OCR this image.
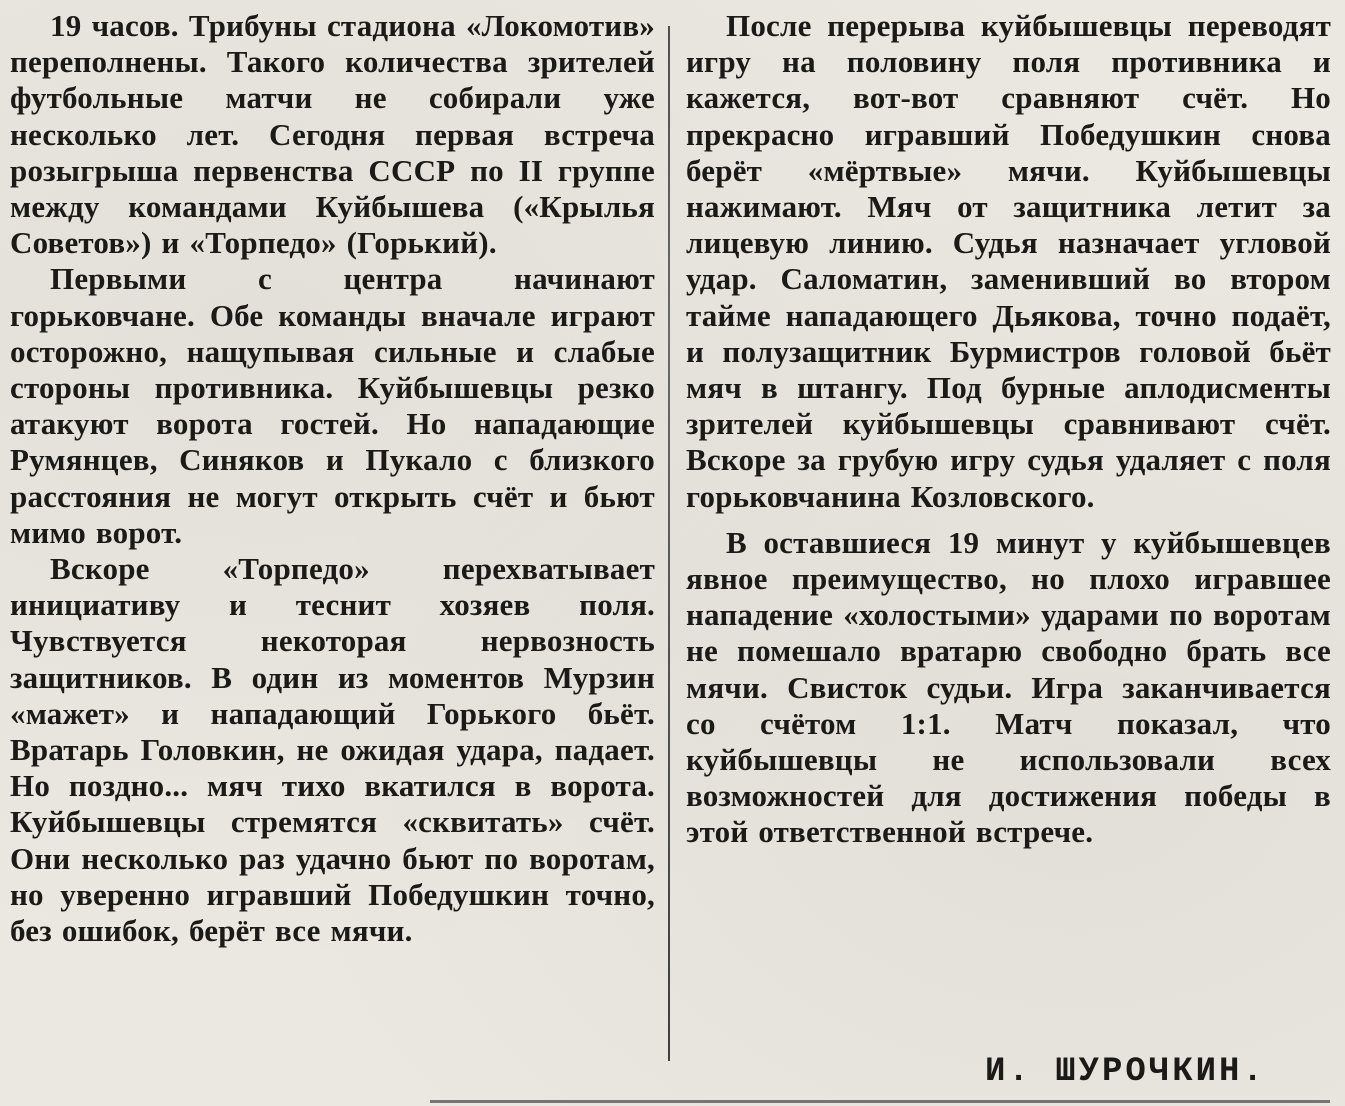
19 часов. Трибуны стадиона «Локомотив» переполнены. Такого количества зрителей футбольные матчи не собирали уже несколько лет. Сегодня первая встреча розыгрыша первенства СССР по II группе между командами Куйбышева («Крылья Советов») и «Торпедо» (Горький).

Первыми с центра начинают горьковчане. Обе команды вначале играют осторожно, нащупывая сильные и слабые стороны противника. Куйбышевцы резко атакуют ворота гостей. Но нападающие Румянцев, Синяков и Пукало с близкого расстояния не могут открыть счёт и бьют мимо ворот.

Вскоре «Торпедо» перехватывает инициативу и теснит хозяев поля. Чувствуется некоторая нервозность защитников. В один из моментов Мурзин «мажет» и нападающий Горького бьёт. Вратарь Головкин, не ожидая удара, падает. Но поздно... мяч тихо вкатился в ворота. Куйбышевцы стремятся «сквитать» счёт. Они несколько раз удачно бьют по воротам, но уверенно игравший Победушкин точно, без ошибок, берёт все мячи.

После перерыва куйбышевцы переводят игру на половину поля противника и кажется, вот-вот сравняют счёт. Но прекрасно игравший Победушкин снова берёт «мёртвые» мячи. Куйбышевцы нажимают. Мяч от защитника летит за лицевую линию. Судья назначает угловой удар. Саломатин, заменивший во втором тайме нападающего Дьякова, точно подаёт, и полузащитник Бурмистров головой бьёт мяч в штангу. Под бурные аплодисменты зрителей куйбышевцы сравнивают счёт. Вскоре за грубую игру судья удаляет с поля горьковчанина Козловского.

В оставшиеся 19 минут у куйбышевцев явное преимущество, но плохо игравшее нападение «холостыми» ударами по воротам не помешало вратарю свободно брать все мячи. Свисток судьи. Игра заканчивается со счётом 1:1. Матч показал, что куйбышевцы не использовали всех возможностей для достижения победы в этой ответственной встрече.

И. ШУРОЧКИН.
